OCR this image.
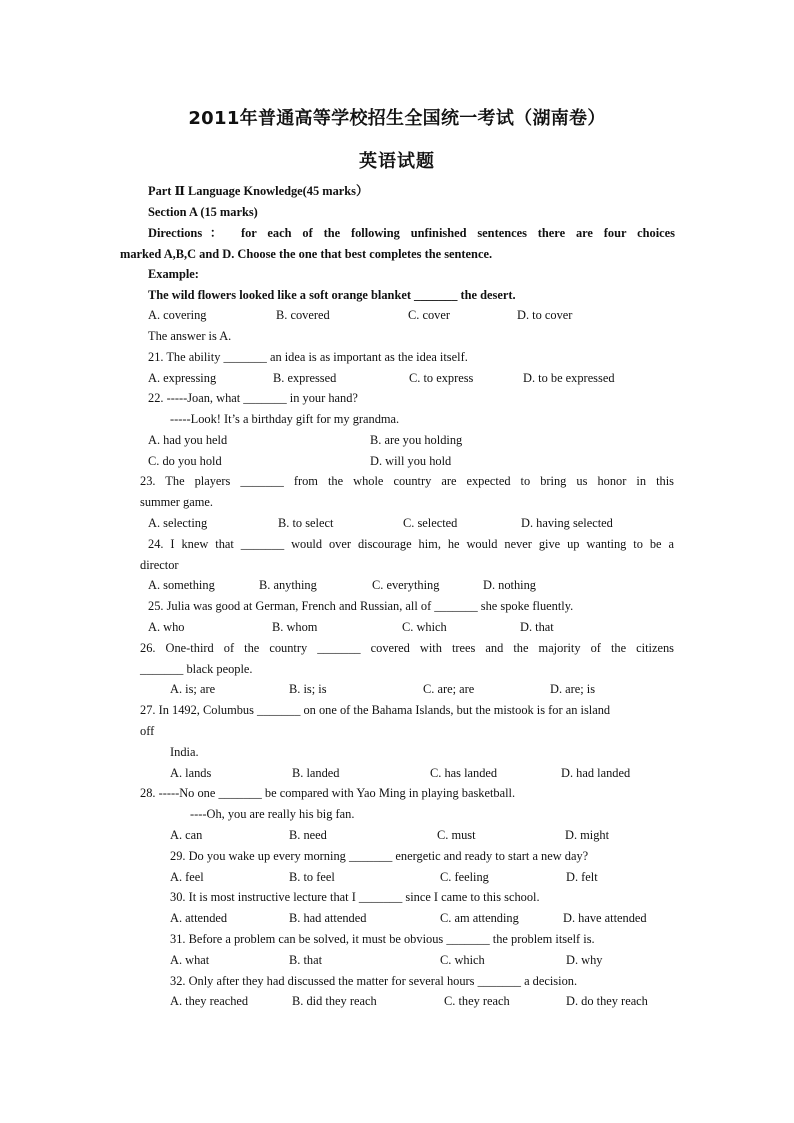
2011年普通高等学校招生全国统一考试（湖南卷）
英语试题
Part Ⅱ Language Knowledge(45 marks）
Section A (15 marks)
Directions： for each of the following unfinished sentences there are four choices
marked A,B,C and D. Choose the one that best completes the sentence.
Example:
The wild flowers looked like a soft orange blanket _______ the desert.
A. covering	B. covered	C. cover	D. to cover
The answer is A.
21. The ability _______ an idea is as important as the idea itself.
A. expressing	B. expressed	C. to express	D. to be expressed
22. -----Joan, what _______ in your hand?
-----Look! It’s a birthday gift for my grandma.
A. had you held	B. are you holding
C. do you hold	D. will you hold
23. The players _______ from the whole country are expected to bring us honor in this
summer game.
A. selecting	B. to select	C. selected	D. having selected
24. I knew that _______ would over discourage him, he would never give up wanting to be a
director
A. something	B. anything	C. everything	D. nothing
25. Julia was good at German, French and Russian, all of _______ she spoke fluently.
A. who	B. whom	C. which	D. that
26. One-third of the country _______ covered with trees and the majority of the citizens
_______ black people.
A. is; are	B. is; is	C. are; are	D. are; is
27. In 1492, Columbus _______ on one of the Bahama Islands, but the mistook is for an island
off
India.
A. lands	B. landed	C. has landed	D. had landed
28. -----No one _______ be compared with Yao Ming in playing basketball.
----Oh, you are really his big fan.
A. can	B. need	C. must	D. might
29. Do you wake up every morning _______ energetic and ready to start a new day?
A. feel	B. to feel	C. feeling	D. felt
30. It is most instructive lecture that I _______ since I came to this school.
A. attended	B. had attended	C. am attending	D. have attended
31. Before a problem can be solved, it must be obvious _______ the problem itself is.
A. what	B. that	C. which	D. why
32. Only after they had discussed the matter for several hours _______ a decision.
A. they reached	B. did they reach	C. they reach	D. do they reach
